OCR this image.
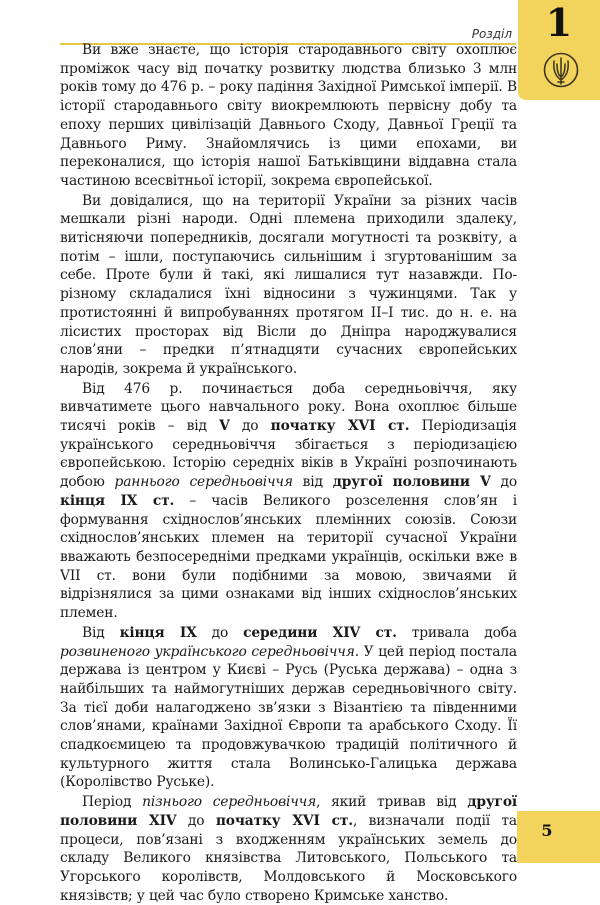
Розділ 1

Ви вже знаєте, що історія стародавнього світу охоплює проміжок часу від початку розвитку людства близько 3 млн років тому до 476 р. – року падіння Західної Римської імперії. В історії стародавнього світу виокремлюють первісну добу та епоху перших цивілізацій Давнього Сходу, Давньої Греції та Давнього Риму. Знайомлячись із цими епохами, ви переконалися, що історія нашої Батьківщини віддавна стала частиною всесвітньої історії, зокрема європейської.

Ви довідалися, що на території України за різних часів мешкали різні народи. Одні племена приходили здалеку, витісняючи попередників, досягали могутності та розквіту, а потім – ішли, поступаючись сильнішим і згуртованішим за себе. Проте були й такі, які лишалися тут назавжди. По-різному складалися їхні відносини з чужинцями. Так у протистоянні й випробуваннях протягом II–I тис. до н. е. на лісистих просторах від Вісли до Дніпра народжувалися слов’яни – предки п’ятнадцяти сучасних європейських народів, зокрема й українського.

Від 476 р. починається доба середньовіччя, яку вивчатимете цього навчального року. Вона охоплює більше тисячі років – від V до початку XVI ст. Періодизація українського середньовіччя збігається з періодизацією європейською. Історію середніх віків в Україні розпочинають добою раннього середньовіччя від другої половини V до кінця IX ст. – часів Великого розселення слов’ян і формування східнослов’янських племінних союзів. Союзи східнослов’янських племен на території сучасної України вважають безпосередніми предками українців, оскільки вже в VII ст. вони були подібними за мовою, звичаями й відрізнялися за цими ознаками від інших східнослов’янських племен.

Від кінця IX до середини XIV ст. тривала доба розвиненого українського середньовіччя. У цей період постала держава із центром у Києві – Русь (Руська держава) – одна з найбільших та наймогутніших держав середньовічного світу. За тієї доби налагоджено зв’язки з Візантією та південними слов’янами, країнами Західної Європи та арабського Сходу. Її спадкоємицею та продовжувачкою традицій політичного й культурного життя стала Волинсько-Галицька держава (Королівство Руське).

Період пізнього середньовіччя, який тривав від другої половини XIV до початку XVI ст., визначали події та процеси, пов’язані з входженням українських земель до складу Великого князівства Литовського, Польського та Угорського королівств, Молдовського й Московського князівств; у цей час було створено Кримське ханство.

5
